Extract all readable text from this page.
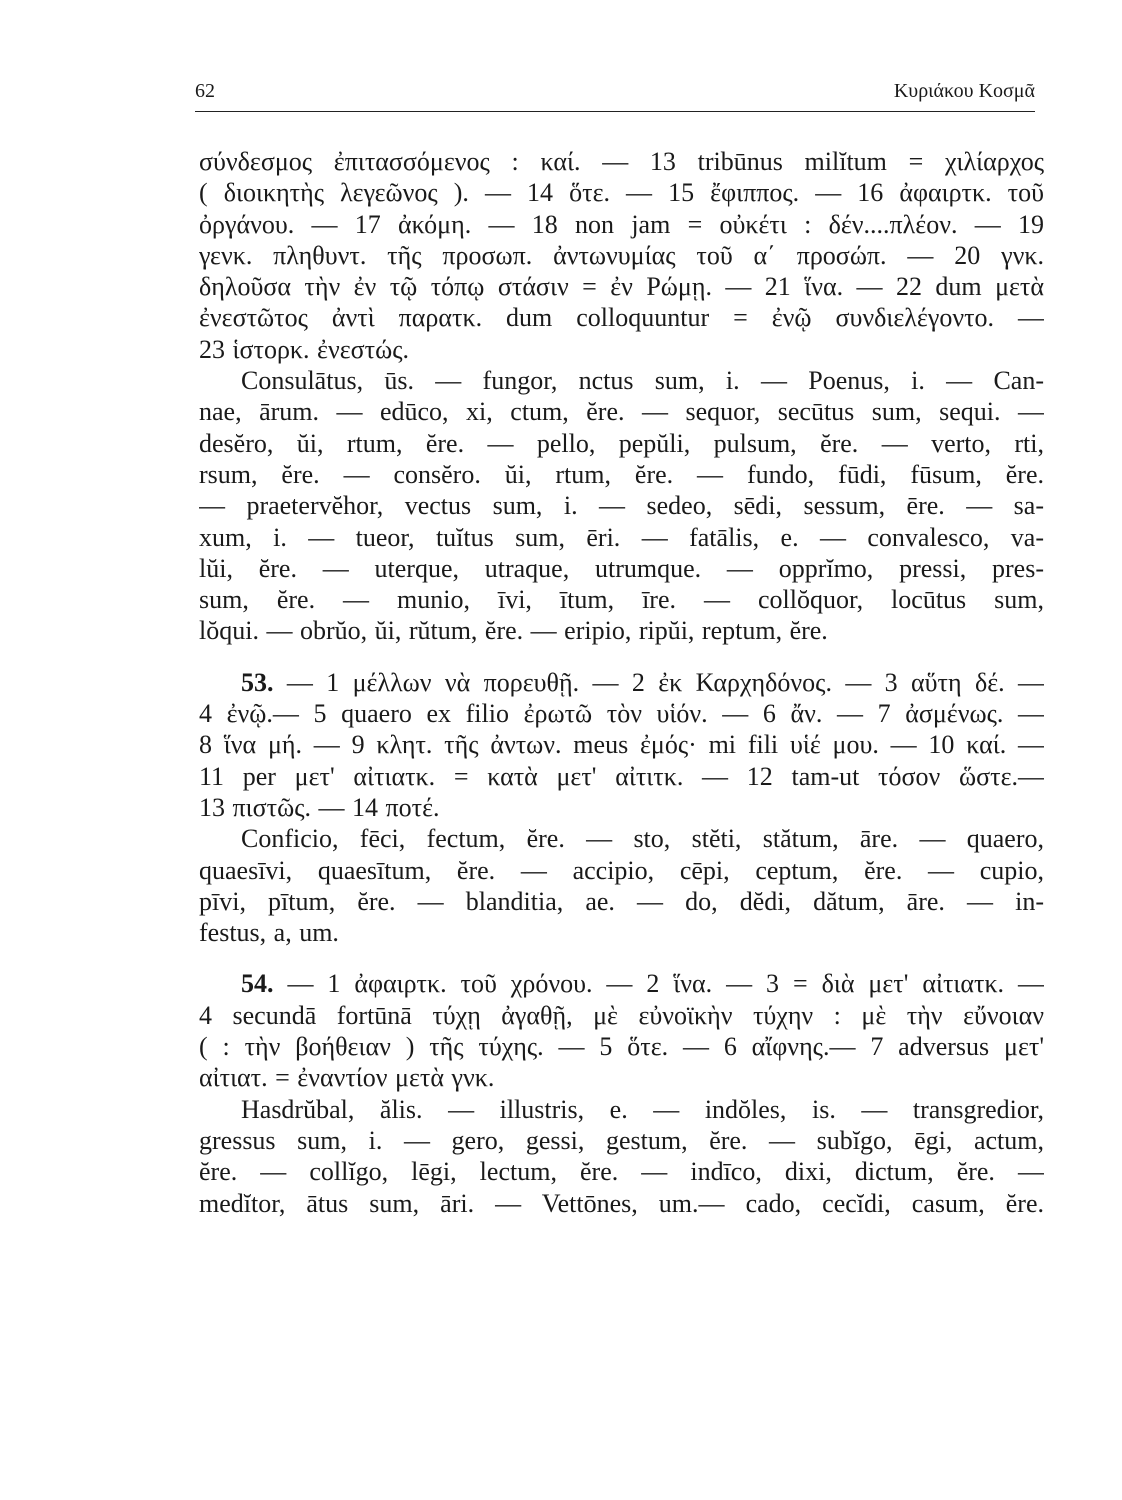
62	Κυριάκου Κοσμᾶ
σύνδεσμος ἐπιτασσόμενος : καί. — 13 tribūnus milĭtum = χιλίαρχος
( διοικητὴς λεγεῶνος ). — 14 ὅτε. — 15 ἔφιππος. — 16 ἀφαιρτκ. τοῦ
ὀργάνου. — 17 ἀκόμη. — 18 non jam = οὐκέτι : δέν....πλέον. — 19
γενκ. πληθυντ. τῆς προσωπ. ἀντωνυμίας τοῦ α΄ προσώπ. — 20 γνκ.
δηλοῦσα τὴν ἐν τῷ τόπῳ στάσιν = ἐν Ρώμῃ. — 21 ἵνα. — 22 dum μετὰ
ἐνεστῶτος ἀντὶ παρατκ. dum colloquuntur = ἐνῷ συνδιελέγοντο. —
23 ἱστορκ. ἐνεστώς.
Consulātus, ūs. — fungor, nctus sum, i. — Poenus, i. — Can-
nae, ārum. — edūco, xi, ctum, ĕre. — sequor, secūtus sum, sequi. —
desĕro, ŭi, rtum, ĕre. — pello, pepŭli, pulsum, ĕre. — verto, rti,
rsum, ĕre. — consĕro. ŭi, rtum, ĕre. — fundo, fūdi, fūsum, ĕre.
— praetervĕhor, vectus sum, i. — sedeo, sēdi, sessum, ēre. — sa-
xum, i. — tueor, tuĭtus sum, ēri. — fatālis, e. — convalesco, va-
lŭi, ĕre. — uterque, utraque, utrumque. — opprĭmo, pressi, pres-
sum, ĕre. — munio, īvi, ītum, īre. — collŏquor, locūtus sum,
lŏqui. — obrŭo, ŭi, rŭtum, ĕre. — eripio, ripŭi, reptum, ĕre.
53. — 1 μέλλων νὰ πορευθῇ. — 2 ἐκ Καρχηδόνος. — 3 αὕτη δέ. —
4 ἐνῷ.— 5 quaero ex filio ἐρωτῶ τὸν υἱόν. — 6 ἄν. — 7 ἀσμένως. —
8 ἵνα μή. — 9 κλητ. τῆς ἀντων. meus ἐμός· mi fili υἱέ μου. — 10 καί. —
11 per μετ' αἰτιατκ. = κατὰ μετ' αἰτιτκ. — 12 tam-ut τόσον ὥστε.—
13 πιστῶς. — 14 ποτέ.
Conficio, fēci, fectum, ĕre. — sto, stĕti, stătum, āre. — quaero,
quaesīvi, quaesītum, ĕre. — accipio, cēpi, ceptum, ĕre. — cupio,
pīvi, pītum, ĕre. — blanditia, ae. — do, dĕdi, dătum, āre. — in-
festus, a, um.
54. — 1 ἀφαιρτκ. τοῦ χρόνου. — 2 ἵνα. — 3 = διὰ μετ' αἰτιατκ. —
4 secundā fortūnā τύχῃ ἀγαθῇ, μὲ εὐνοϊκὴν τύχην : μὲ τὴν εὔνοιαν
( : τὴν βοήθειαν ) τῆς τύχης. — 5 ὅτε. — 6 αἴφνης.— 7 adversus μετ'
αἰτιατ. = ἐναντίον μετὰ γνκ.
Hasdrŭbal, ălis. — illustris, e. — indŏles, is. — transgredior,
gressus sum, i. — gero, gessi, gestum, ĕre. — subĭgo, ēgi, actum,
ĕre. — collĭgo, lēgi, lectum, ĕre. — indīco, dixi, dictum, ĕre. —
medĭtor, ātus sum, āri. — Vettōnes, um.— cado, cecĭdi, casum, ĕre.
